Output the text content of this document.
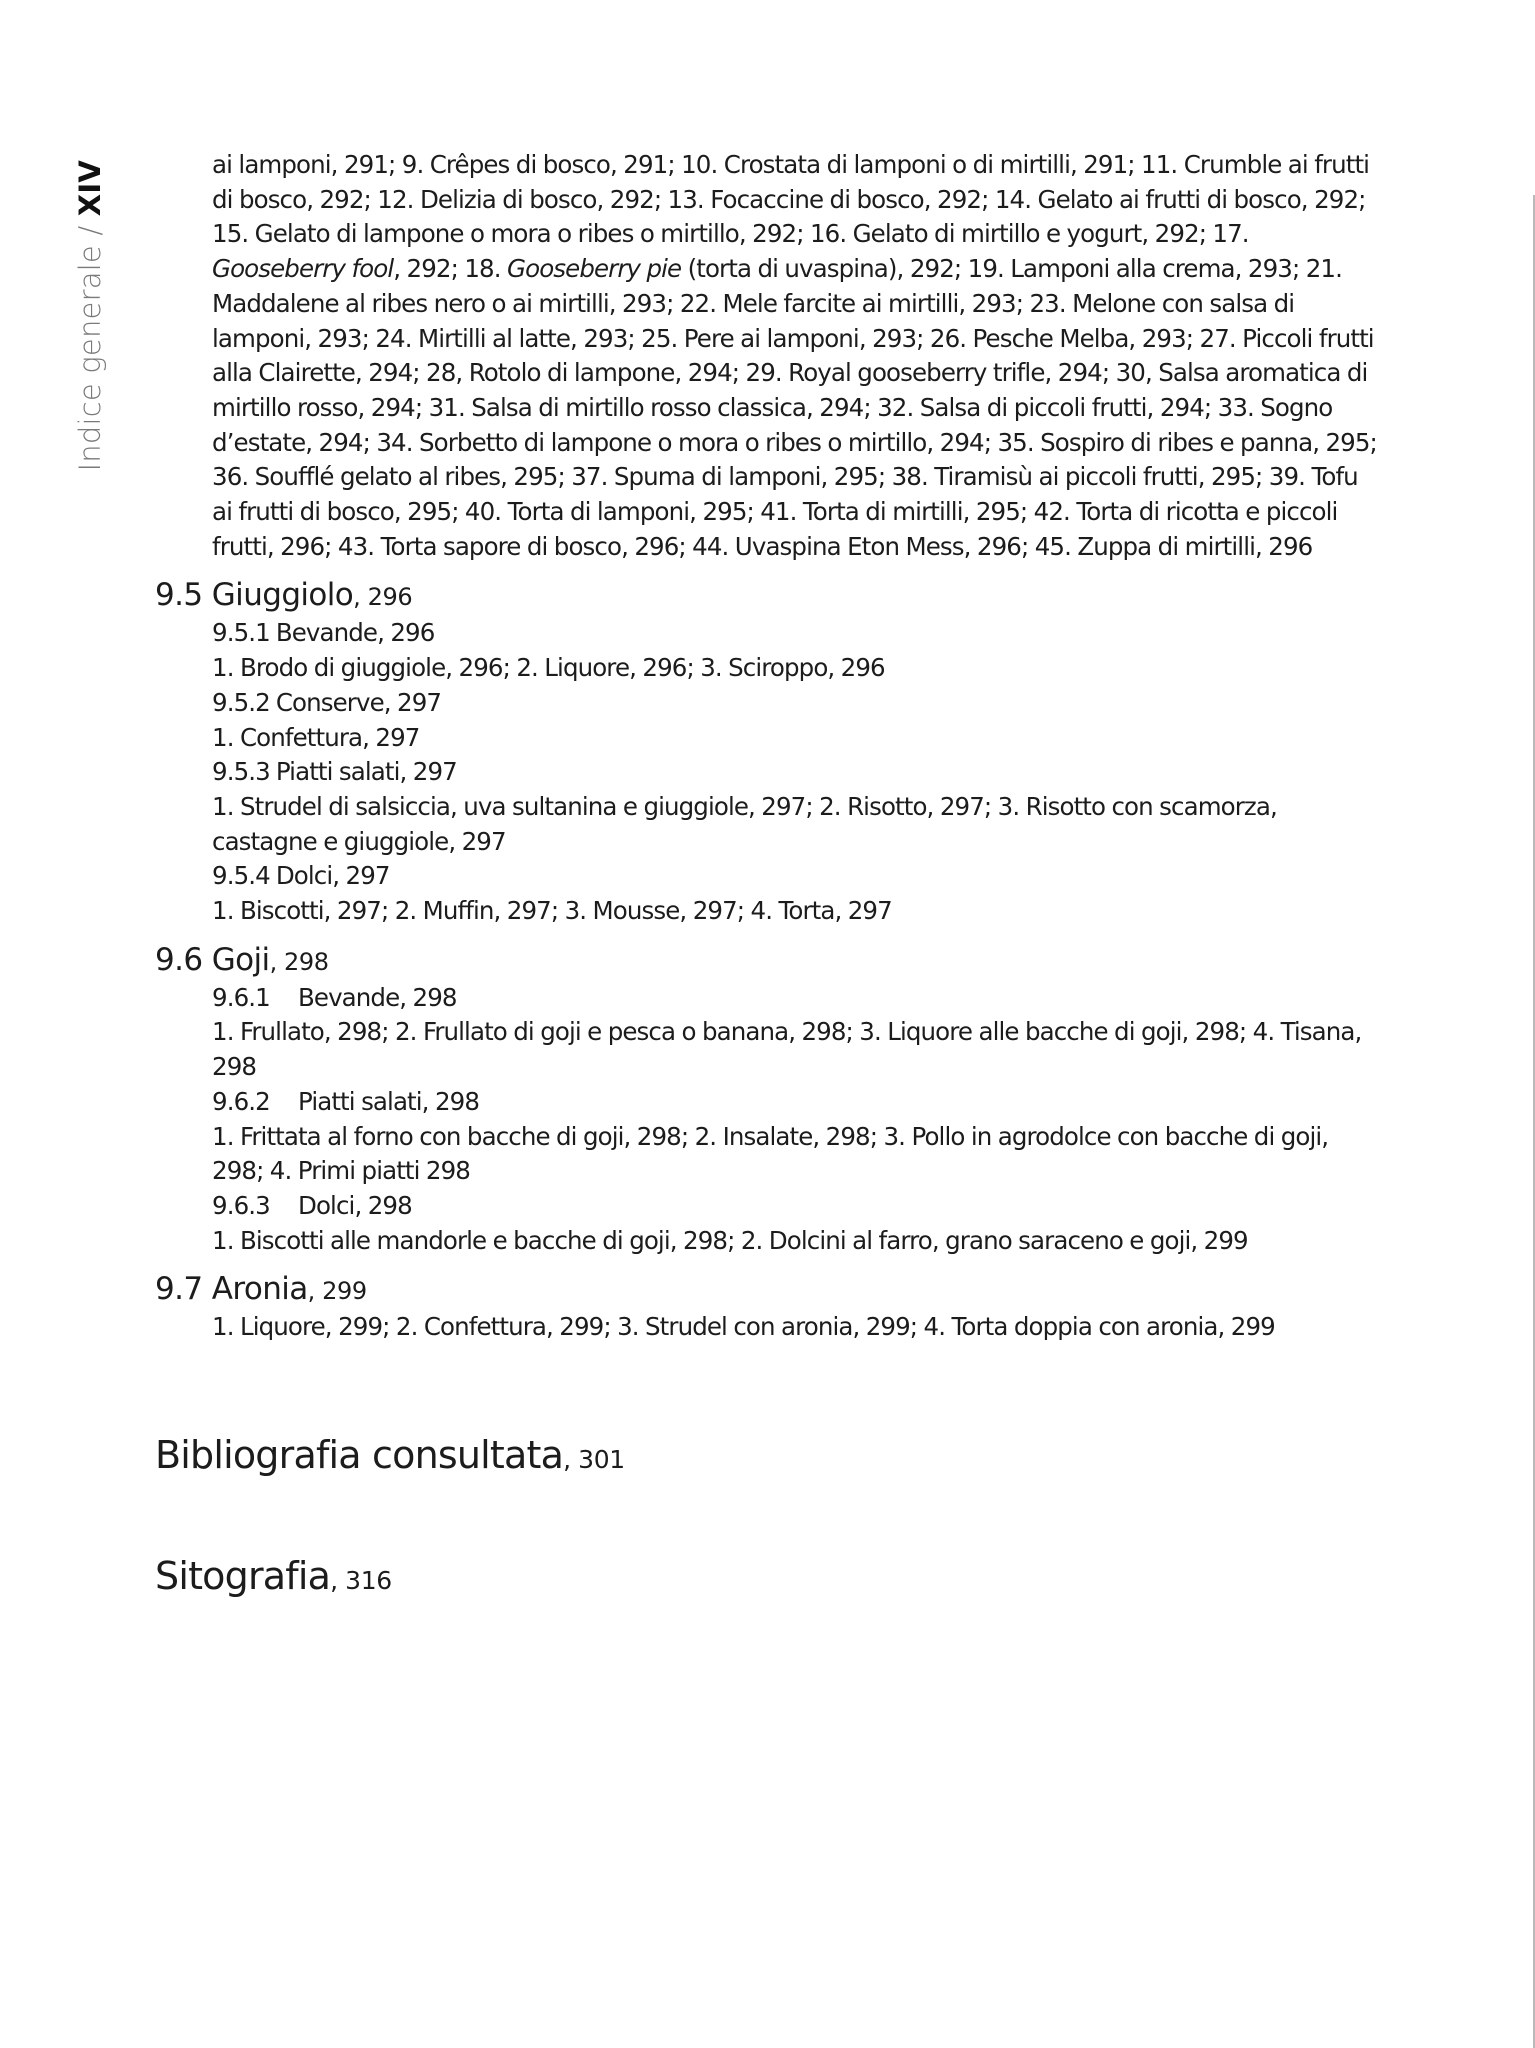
Indice generale / XIV	ai lamponi, 291; 9. Crêpes di bosco, 291; 10. Crostata di lamponi o di mirtilli, 291; 11. Crumble ai frutti di bosco, 292; 12. Delizia di bosco, 292; 13. Focaccine di bosco, 292; 14. Gelato ai frutti di bosco, 292; 15. Gelato di lampone o mora o ribes o mirtillo, 292; 16. Gelato di mirtillo e yogurt, 292; 17. Gooseberry fool, 292; 18. Gooseberry pie (torta di uvaspina), 292; 19. Lamponi alla crema, 293; 21. Maddalene al ribes nero o ai mirtilli, 293; 22. Mele farcite ai mirtilli, 293; 23. Melone con salsa di lamponi, 293; 24. Mirtilli al latte, 293; 25. Pere ai lamponi, 293; 26. Pesche Melba, 293; 27. Piccoli frutti alla Clairette, 294; 28, Rotolo di lampone, 294; 29. Royal gooseberry trifle, 294; 30, Salsa aromatica di mirtillo rosso, 294; 31. Salsa di mirtillo rosso classica, 294; 32. Salsa di piccoli frutti, 294; 33. Sogno d’estate, 294; 34. Sorbetto di lampone o mora o ribes o mirtillo, 294; 35. Sospiro di ribes e panna, 295; 36. Soufflé gelato al ribes, 295; 37. Spuma di lamponi, 295; 38. Tiramisù ai piccoli frutti, 295; 39. Tofu ai frutti di bosco, 295; 40. Torta di lamponi, 295; 41. Torta di mirtilli, 295; 42. Torta di ricotta e piccoli frutti, 296; 43. Torta sapore di bosco, 296; 44. Uvaspina Eton Mess, 296; 45. Zuppa di mirtilli, 296

9.5 Giuggiolo, 296

9.5.1 Bevande, 296

1. Brodo di giuggiole, 296; 2. Liquore, 296; 3. Sciroppo, 296

9.5.2 Conserve, 297

1. Confettura, 297

9.5.3 Piatti salati, 297

1. Strudel di salsiccia, uva sultanina e giuggiole, 297; 2. Risotto, 297; 3. Risotto con scamorza, castagne e giuggiole, 297

9.5.4 Dolci, 297

1. Biscotti, 297; 2. Muffin, 297; 3. Mousse, 297; 4. Torta, 297

9.6 Goji, 298

9.6.1 Bevande, 298

1. Frullato, 298; 2. Frullato di goji e pesca o banana, 298; 3. Liquore alle bacche di goji, 298; 4. Tisana, 298

9.6.2 Piatti salati, 298

1. Frittata al forno con bacche di goji, 298; 2. Insalate, 298; 3. Pollo in agrodolce con bacche di goji, 298; 4. Primi piatti 298

9.6.3 Dolci, 298

1. Biscotti alle mandorle e bacche di goji, 298; 2. Dolcini al farro, grano saraceno e goji, 299

9.7 Aronia, 299

1. Liquore, 299; 2. Confettura, 299; 3. Strudel con aronia, 299; 4. Torta doppia con aronia, 299

Bibliografia consultata, 301
Sitografia, 316
